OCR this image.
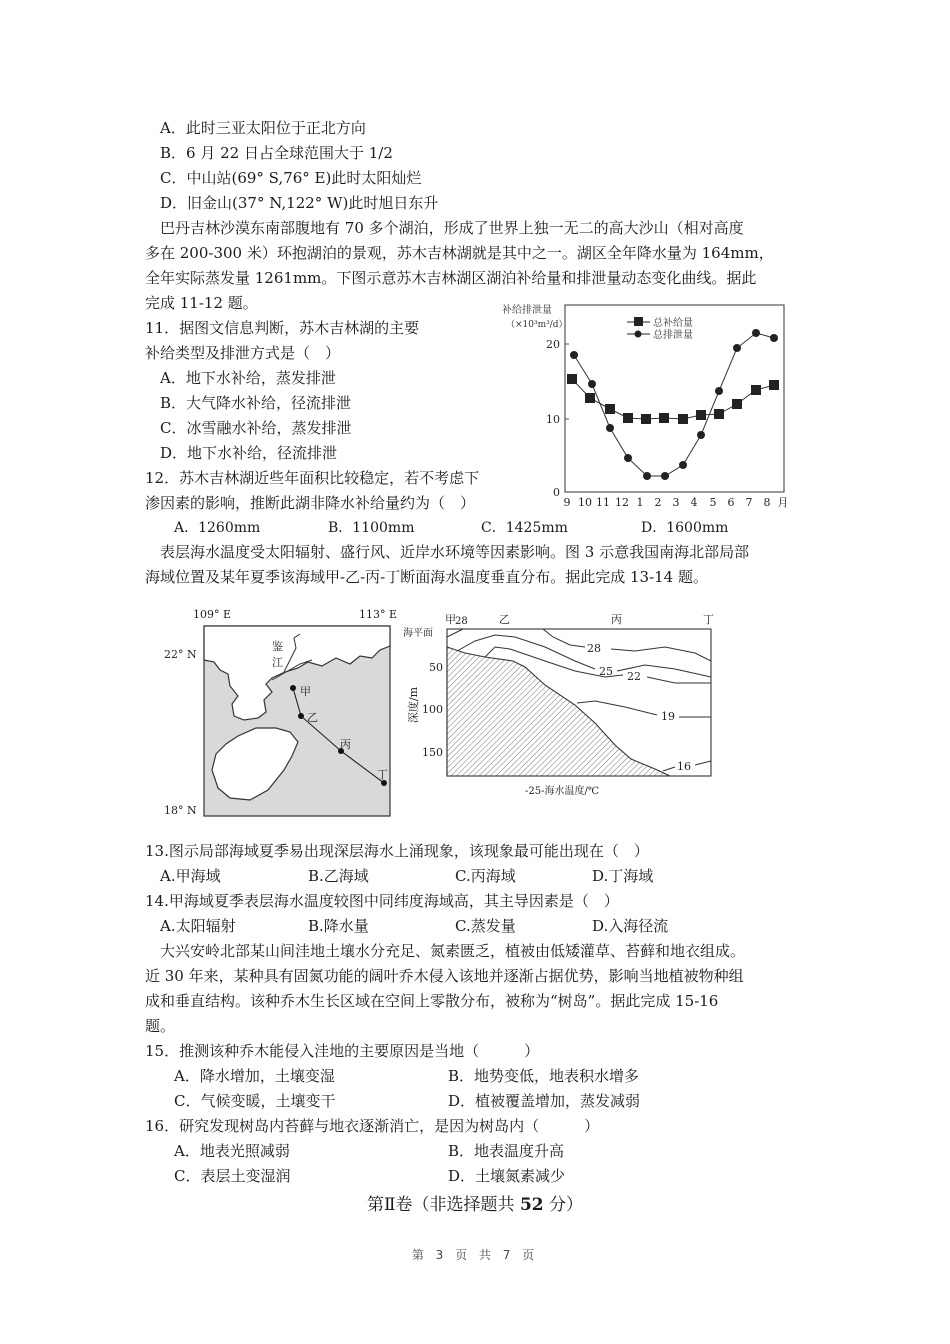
A．此时三亚太阳位于正北方向
B．6 月 22 日占全球范围大于 1/2
C．中山站(69° S,76° E)此时太阳灿烂
D．旧金山(37° N,122° W)此时旭日东升
巴丹吉林沙漠东南部腹地有 70 多个湖泊，形成了世界上独一无二的高大沙山（相对高度
多在 200-300 米）环抱湖泊的景观，苏木吉林湖就是其中之一。湖区全年降水量为 164mm，
全年实际蒸发量 1261mm。下图示意苏木吉林湖区湖泊补给量和排泄量动态变化曲线。据此
完成 11-12 题。
11．据图文信息判断，苏木吉林湖的主要
补给类型及排泄方式是（　）
A．地下水补给，蒸发排泄
B．大气降水补给，径流排泄
C．冰雪融水补给，蒸发排泄
D．地下水补给，径流排泄
12．苏木吉林湖近些年面积比较稳定，若不考虑下
渗因素的影响，推断此湖非降水补给量约为（　）
A．1260mm	B．1100mm	C．1425mm	D．1600mm
补给排泄量
（×10³m³/d）
0
10
20
9 10 11 12 1 2 3 4 5 6 7 8 月
总补给量
总排泄量
表层海水温度受太阳辐射、盛行风、近岸水环境等因素影响。图 3 示意我国南海北部局部
海域位置及某年夏季该海域甲-乙-丙-丁断面海水温度垂直分布。据此完成 13-14 题。
109° E	113° E
22° N
18° N
鉴
江
甲
乙
丙
丁
甲 28	乙	丙	丁
海平面
深度/m
50
100
150
28
25 22
19
16
-25-海水温度/℃
13.图示局部海域夏季易出现深层海水上涌现象，该现象最可能出现在（　）
A.甲海域	B.乙海域	C.丙海域	D.丁海域
14.甲海域夏季表层海水温度较图中同纬度海域高，其主导因素是（　）
A.太阳辐射	B.降水量	C.蒸发量	D.入海径流
大兴安岭北部某山间洼地土壤水分充足、氮素匮乏，植被由低矮灌草、苔藓和地衣组成。
近 30 年来，某种具有固氮功能的阔叶乔木侵入该地并逐渐占据优势，影响当地植被物种组
成和垂直结构。该种乔木生长区域在空间上零散分布，被称为“树岛”。据此完成 15-16
题。
15．推测该种乔木能侵入洼地的主要原因是当地（　　　）
A．降水增加，土壤变湿	B．地势变低，地表积水增多
C．气候变暖，土壤变干	D．植被覆盖增加，蒸发减弱
16．研究发现树岛内苔藓与地衣逐渐消亡，是因为树岛内（　　　）
A．地表光照减弱	B．地表温度升高
C．表层土变湿润	D．土壤氮素减少
第Ⅱ卷（非选择题共 52 分）
第 3 页 共 7 页
